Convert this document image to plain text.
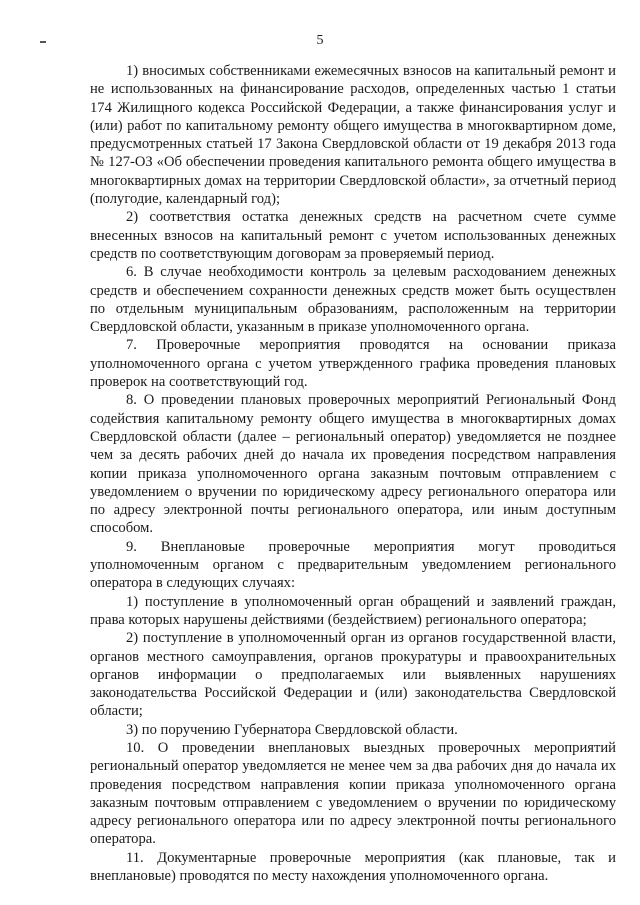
5

1) вносимых собственниками ежемесячных взносов на капитальный ремонт и не использованных на финансирование расходов, определенных частью 1 статьи 174 Жилищного кодекса Российской Федерации, а также финансирования услуг и (или) работ по капитальному ремонту общего имущества в многоквартирном доме, предусмотренных статьей 17 Закона Свердловской области от 19 декабря 2013 года № 127-ОЗ «Об обеспечении проведения капитального ремонта общего имущества в многоквартирных домах на территории Свердловской области», за отчетный период (полугодие, календарный год);

2) соответствия остатка денежных средств на расчетном счете сумме внесенных взносов на капитальный ремонт с учетом использованных денежных средств по соответствующим договорам за проверяемый период.

6. В случае необходимости контроль за целевым расходованием денежных средств и обеспечением сохранности денежных средств может быть осуществлен по отдельным муниципальным образованиям, расположенным на территории Свердловской области, указанным в приказе уполномоченного органа.

7. Проверочные мероприятия проводятся на основании приказа уполномоченного органа с учетом утвержденного графика проведения плановых проверок на соответствующий год.

8. О проведении плановых проверочных мероприятий Региональный Фонд содействия капитальному ремонту общего имущества в многоквартирных домах Свердловской области (далее – региональный оператор) уведомляется не позднее чем за десять рабочих дней до начала их проведения посредством направления копии приказа уполномоченного органа заказным почтовым отправлением с уведомлением о вручении по юридическому адресу регионального оператора или по адресу электронной почты регионального оператора, или иным доступным способом.

9. Внеплановые проверочные мероприятия могут проводиться уполномоченным органом с предварительным уведомлением регионального оператора в следующих случаях:

1) поступление в уполномоченный орган обращений и заявлений граждан, права которых нарушены действиями (бездействием) регионального оператора;

2) поступление в уполномоченный орган из органов государственной власти, органов местного самоуправления, органов прокуратуры и правоохранительных органов информации о предполагаемых или выявленных нарушениях законодательства Российской Федерации и (или) законодательства Свердловской области;

3) по поручению Губернатора Свердловской области.

10. О проведении внеплановых выездных проверочных мероприятий региональный оператор уведомляется не менее чем за два рабочих дня до начала их проведения посредством направления копии приказа уполномоченного органа заказным почтовым отправлением с уведомлением о вручении по юридическому адресу регионального оператора или по адресу электронной почты регионального оператора.

11. Документарные проверочные мероприятия (как плановые, так и внеплановые) проводятся по месту нахождения уполномоченного органа.
